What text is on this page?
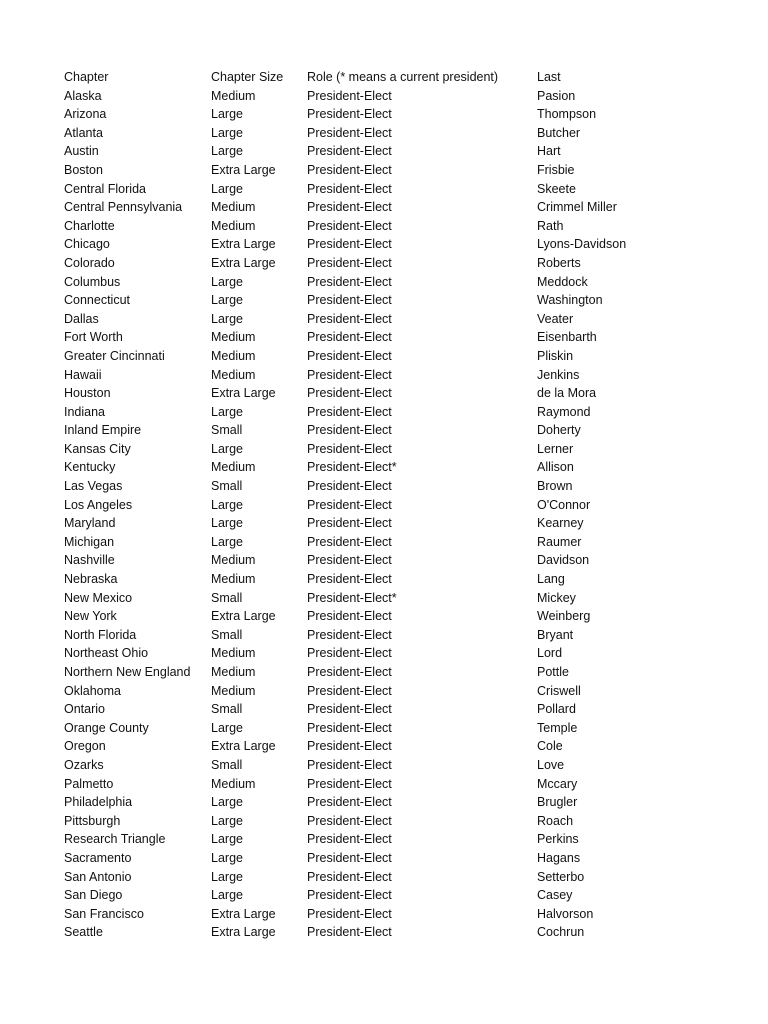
Chapter	Chapter Size	Role (* means a current president)	Last
Alaska	Medium	President-Elect	Pasion
Arizona	Large	President-Elect	Thompson
Atlanta	Large	President-Elect	Butcher
Austin	Large	President-Elect	Hart
Boston	Extra Large	President-Elect	Frisbie
Central Florida	Large	President-Elect	Skeete
Central Pennsylvania	Medium	President-Elect	Crimmel Miller
Charlotte	Medium	President-Elect	Rath
Chicago	Extra Large	President-Elect	Lyons-Davidson
Colorado	Extra Large	President-Elect	Roberts
Columbus	Large	President-Elect	Meddock
Connecticut	Large	President-Elect	Washington
Dallas	Large	President-Elect	Veater
Fort Worth	Medium	President-Elect	Eisenbarth
Greater Cincinnati	Medium	President-Elect	Pliskin
Hawaii	Medium	President-Elect	Jenkins
Houston	Extra Large	President-Elect	de la Mora
Indiana	Large	President-Elect	Raymond
Inland Empire	Small	President-Elect	Doherty
Kansas City	Large	President-Elect	Lerner
Kentucky	Medium	President-Elect*	Allison
Las Vegas	Small	President-Elect	Brown
Los Angeles	Large	President-Elect	O'Connor
Maryland	Large	President-Elect	Kearney
Michigan	Large	President-Elect	Raumer
Nashville	Medium	President-Elect	Davidson
Nebraska	Medium	President-Elect	Lang
New Mexico	Small	President-Elect*	Mickey
New York	Extra Large	President-Elect	Weinberg
North Florida	Small	President-Elect	Bryant
Northeast Ohio	Medium	President-Elect	Lord
Northern New England	Medium	President-Elect	Pottle
Oklahoma	Medium	President-Elect	Criswell
Ontario	Small	President-Elect	Pollard
Orange County	Large	President-Elect	Temple
Oregon	Extra Large	President-Elect	Cole
Ozarks	Small	President-Elect	Love
Palmetto	Medium	President-Elect	Mccary
Philadelphia	Large	President-Elect	Brugler
Pittsburgh	Large	President-Elect	Roach
Research Triangle	Large	President-Elect	Perkins
Sacramento	Large	President-Elect	Hagans
San Antonio	Large	President-Elect	Setterbo
San Diego	Large	President-Elect	Casey
San Francisco	Extra Large	President-Elect	Halvorson
Seattle	Extra Large	President-Elect	Cochrun
